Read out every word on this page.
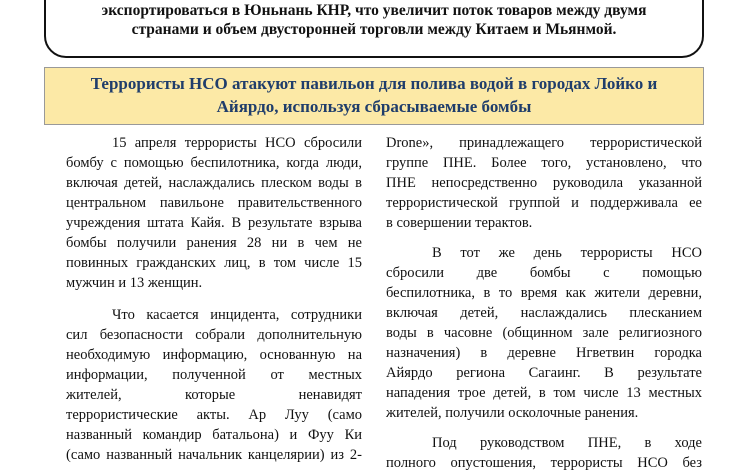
экспортироваться в Юньнань КНР, что увеличит поток товаров между двумя
странами и объем двусторонней торговли между Китаем и Мьянмой.
Террористы НСО атакуют павильон для полива водой в городах Лойко и
Айярдо, используя сбрасываемые бомбы
15 апреля террористы НСО сбросили
бомбу с помощью беспилотника, когда люди,
включая детей, наслаждались плеском воды в
центральном павильоне правительственного
учреждения штата Кайя. В результате взрыва
бомбы получили ранения 28 ни в чем не
повинных гражданских лиц, в том числе 15
мужчин и 13 женщин.
Что касается инцидента, сотрудники
сил безопасности собрали дополнительную
необходимую информацию, основанную на
информации, полученной от местных
жителей, которые ненавидят
террористические акты. Ар Луу (само
названный командир батальона) и Фуу Ки
(само названный начальник канцелярии) из 2-
Drone», принадлежащего террористической
группе ПНЕ. Более того, установлено, что
ПНЕ непосредственно руководила указанной
террористической группой и поддерживала ее
в совершении терактов.
В тот же день террористы НСО
сбросили две бомбы с помощью
беспилотника, в то время как жители деревни,
включая детей, наслаждались плесканием
воды в часовне (общинном зале религиозного
назначения) в деревне Нгветвин городка
Айярдо региона Сагаинг. В результате
нападения трое детей, в том числе 13 местных
жителей, получили осколочные ранения.
Под руководством ПНЕ, в ходе
полного опустошения, террористы НСО без
